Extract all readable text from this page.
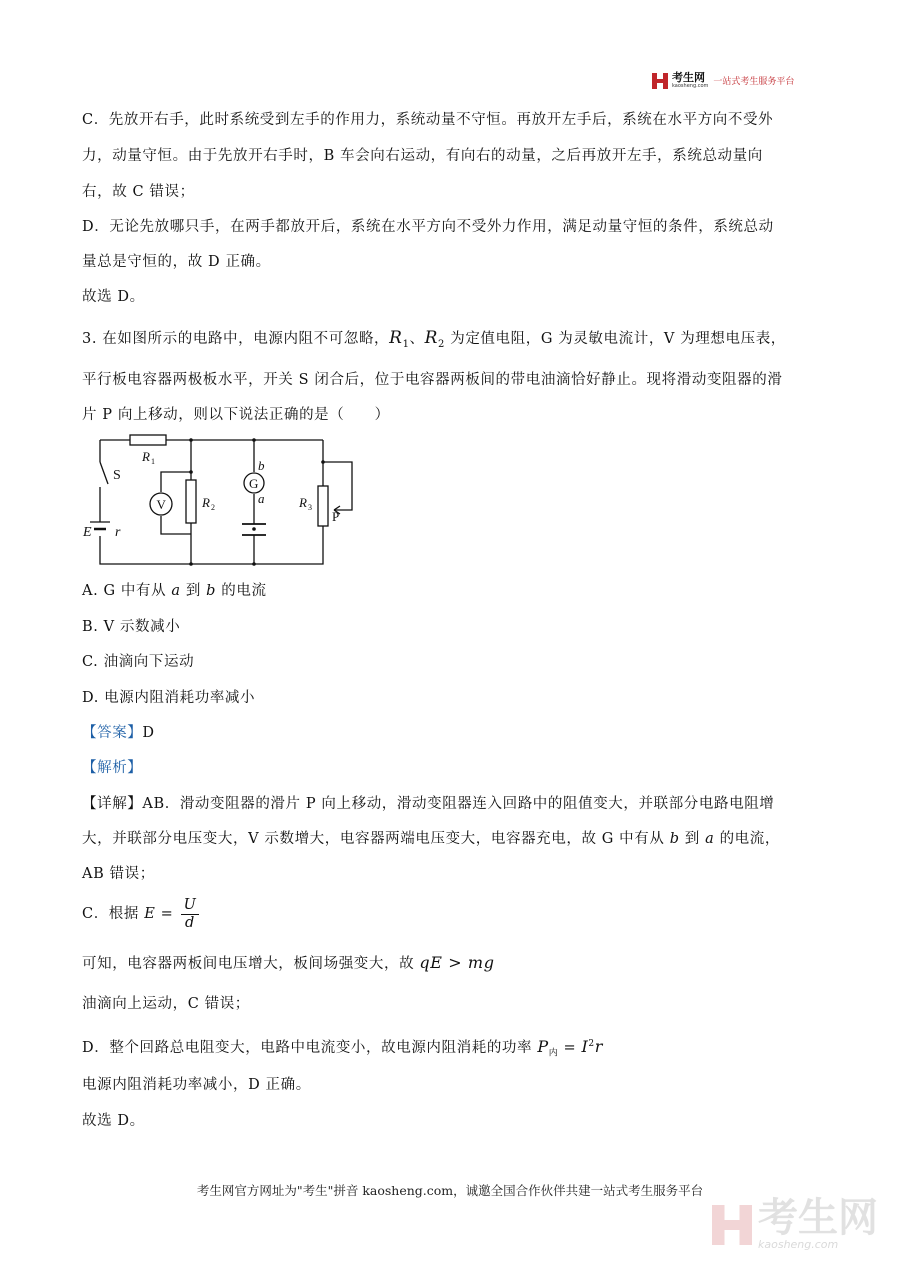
考生网
kaosheng.com 一站式考生服务平台
C．先放开右手，此时系统受到左手的作用力，系统动量不守恒。再放开左手后，系统在水平方向不受外
力，动量守恒。由于先放开右手时，B 车会向右运动，有向右的动量，之后再放开左手，系统总动量向
右，故 C 错误；
D．无论先放哪只手，在两手都放开后，系统在水平方向不受外力作用，满足动量守恒的条件，系统总动
量总是守恒的，故 D 正确。
故选 D。
3. 在如图所示的电路中，电源内阻不可忽略，$R_1$、$R_2$ 为定值电阻，G 为灵敏电流计，V 为理想电压表，
平行板电容器两极板水平，开关 S 闭合后，位于电容器两板间的带电油滴恰好静止。现将滑动变阻器的滑
片 P 向上移动，则以下说法正确的是（　　）
S
R 1
V	R 2
G
b
a	R 3
P
E r
A. G 中有从 a 到 b 的电流
B. V 示数减小
C. 油滴向下运动
D. 电源内阻消耗功率减小
【答案】D
【解析】
【详解】AB．滑动变阻器的滑片 P 向上移动，滑动变阻器连入回路中的阻值变大，并联部分电路电阻增
大，并联部分电压变大，V 示数增大，电容器两端电压变大，电容器充电，故 G 中有从 b 到 a 的电流，
AB 错误；
C．根据 $E = \frac{U}{d}$
可知，电容器两板间电压增大，板间场强变大，故 qE > mg
油滴向上运动，C 错误；
D．整个回路总电阻变大，电路中电流变小，故电源内阻消耗的功率 $P_内 = I^2r$
电源内阻消耗功率减小，D 正确。
故选 D。
考生网官方网址为"考生"拼音 kaosheng.com，诚邀全国合作伙伴共建一站式考生服务平台
考生网
kaosheng.com
